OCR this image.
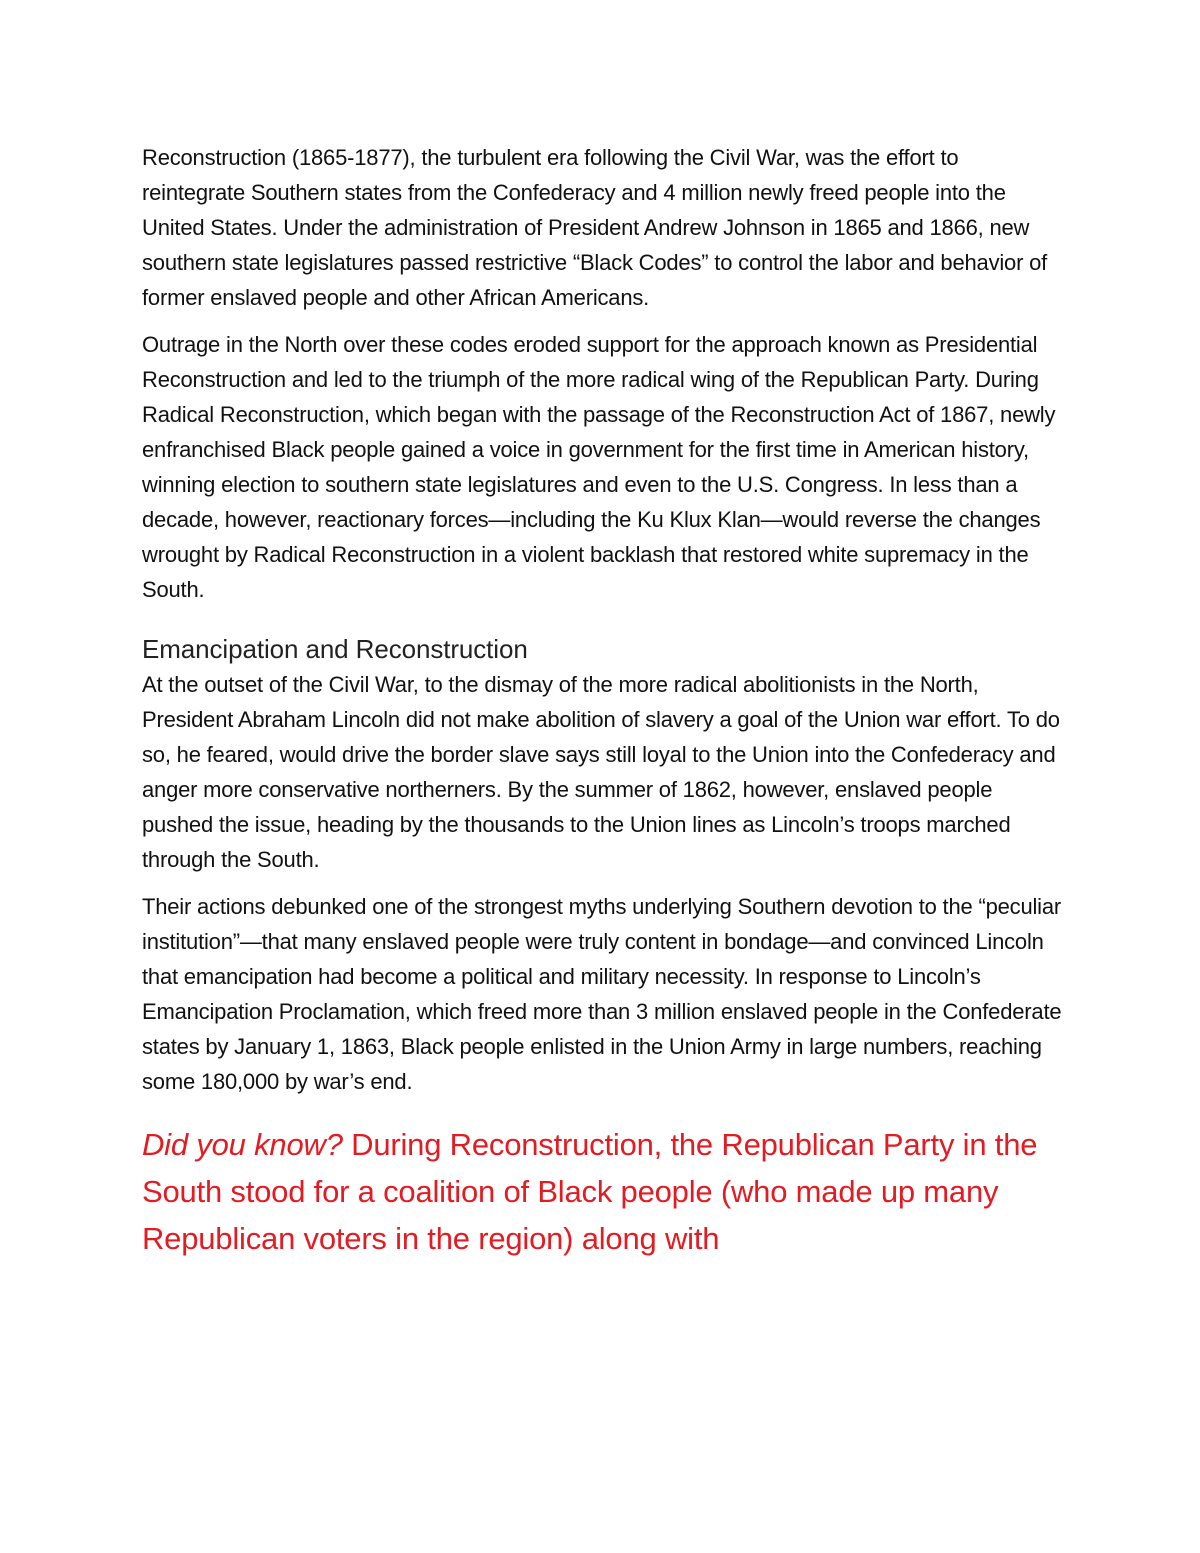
Reconstruction (1865-1877), the turbulent era following the Civil War, was the effort to reintegrate Southern states from the Confederacy and 4 million newly freed people into the United States. Under the administration of President Andrew Johnson in 1865 and 1866, new southern state legislatures passed restrictive “Black Codes” to control the labor and behavior of former enslaved people and other African Americans.

Outrage in the North over these codes eroded support for the approach known as Presidential Reconstruction and led to the triumph of the more radical wing of the Republican Party. During Radical Reconstruction, which began with the passage of the Reconstruction Act of 1867, newly enfranchised Black people gained a voice in government for the first time in American history, winning election to southern state legislatures and even to the U.S. Congress. In less than a decade, however, reactionary forces—including the Ku Klux Klan—would reverse the changes wrought by Radical Reconstruction in a violent backlash that restored white supremacy in the South.

Emancipation and Reconstruction

At the outset of the Civil War, to the dismay of the more radical abolitionists in the North, President Abraham Lincoln did not make abolition of slavery a goal of the Union war effort. To do so, he feared, would drive the border slave says still loyal to the Union into the Confederacy and anger more conservative northerners. By the summer of 1862, however, enslaved people pushed the issue, heading by the thousands to the Union lines as Lincoln’s troops marched through the South.

Their actions debunked one of the strongest myths underlying Southern devotion to the “peculiar institution”—that many enslaved people were truly content in bondage—and convinced Lincoln that emancipation had become a political and military necessity. In response to Lincoln’s Emancipation Proclamation, which freed more than 3 million enslaved people in the Confederate states by January 1, 1863, Black people enlisted in the Union Army in large numbers, reaching some 180,000 by war’s end.

Did you know? During Reconstruction, the Republican Party in the South stood for a coalition of Black people (who made up many Republican voters in the region) along with
